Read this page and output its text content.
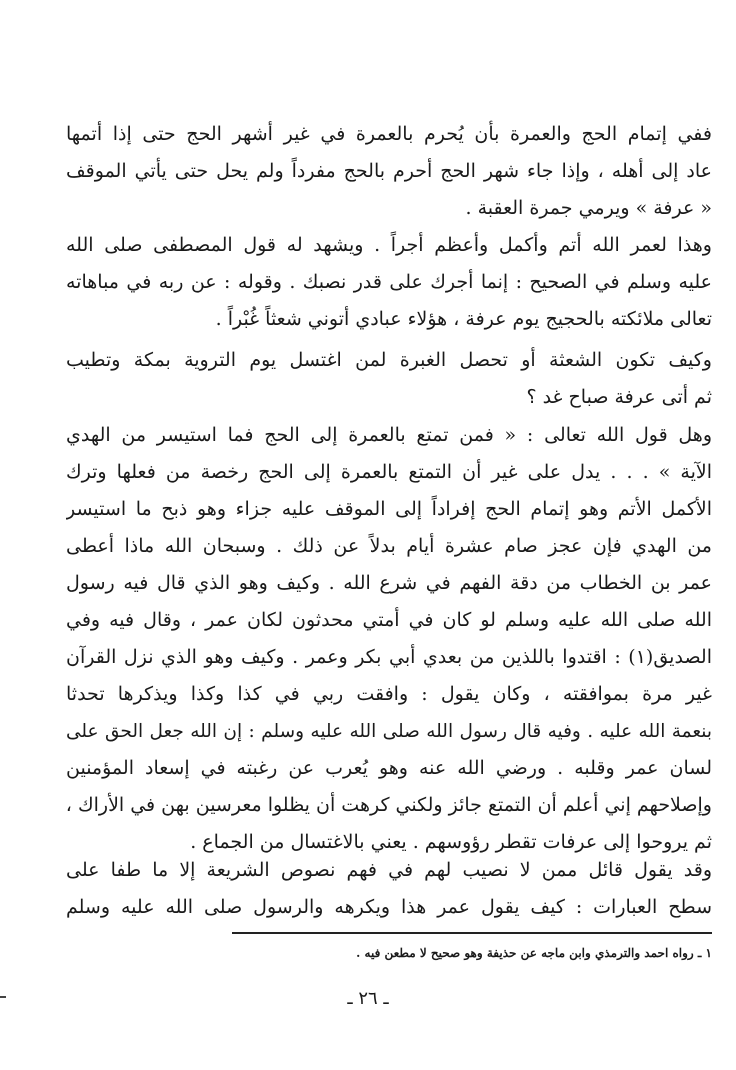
ففي إتمام الحج والعمرة بأن يُحرم بالعمرة في غير أشهر الحج حتى إذا أتمها
عاد إلى أهله ، وإذا جاء شهر الحج أحرم بالحج مفرداً ولم يحل حتى يأتي الموقف
« عرفة » ويرمي جمرة العقبة .
وهذا لعمر الله أتم وأكمل وأعظم أجراً . ويشهد له قول المصطفى صلى الله
عليه وسلم في الصحيح : إنما أجرك على قدر نصبك . وقوله : عن ربه في مباهاته
تعالى ملائكته بالحجيج يوم عرفة ، هؤلاء عبادي أتوني شعثاً غُبْراً .
وكيف تكون الشعثة أو تحصل الغبرة لمن اغتسل يوم التروية بمكة وتطيب
ثم أتى عرفة صباح غد ؟
وهل قول الله تعالى : « فمن تمتع بالعمرة إلى الحج فما استيسر من الهدي
الآية » . . . يدل على غير أن التمتع بالعمرة إلى الحج رخصة من فعلها وترك
الأكمل الأتم وهو إتمام الحج إفراداً إلى الموقف عليه جزاء وهو ذبح ما استيسر
من الهدي فإن عجز صام عشرة أيام بدلاً عن ذلك . وسبحان الله ماذا أعطى
عمر بن الخطاب من دقة الفهم في شرع الله . وكيف وهو الذي قال فيه رسول
الله صلى الله عليه وسلم لو كان في أمتي محدثون لكان عمر ، وقال فيه وفي
الصديق(١) : اقتدوا باللذين من بعدي أبي بكر وعمر . وكيف وهو الذي نزل القرآن
غير مرة بموافقته ، وكان يقول : وافقت ربي في كذا وكذا ويذكرها تحدثا
بنعمة الله عليه . وفيه قال رسول الله صلى الله عليه وسلم : إن الله جعل الحق على
لسان عمر وقلبه . ورضي الله عنه وهو يُعرب عن رغبته في إسعاد المؤمنين
وإصلاحهم إني أعلم أن التمتع جائز ولكني كرهت أن يظلوا معرسين بهن في الأراك ،
ثم يروحوا إلى عرفات تقطر رؤوسهم . يعني بالاغتسال من الجماع .
وقد يقول قائل ممن لا نصيب لهم في فهم نصوص الشريعة إلا ما طفا على
سطح العبارات : كيف يقول عمر هذا ويكرهه والرسول صلى الله عليه وسلم
١ ـ رواه احمد والترمذي وابن ماجه عن حذيفة وهو صحيح لا مطعن فيه .
ـ ٢٦ ـ
